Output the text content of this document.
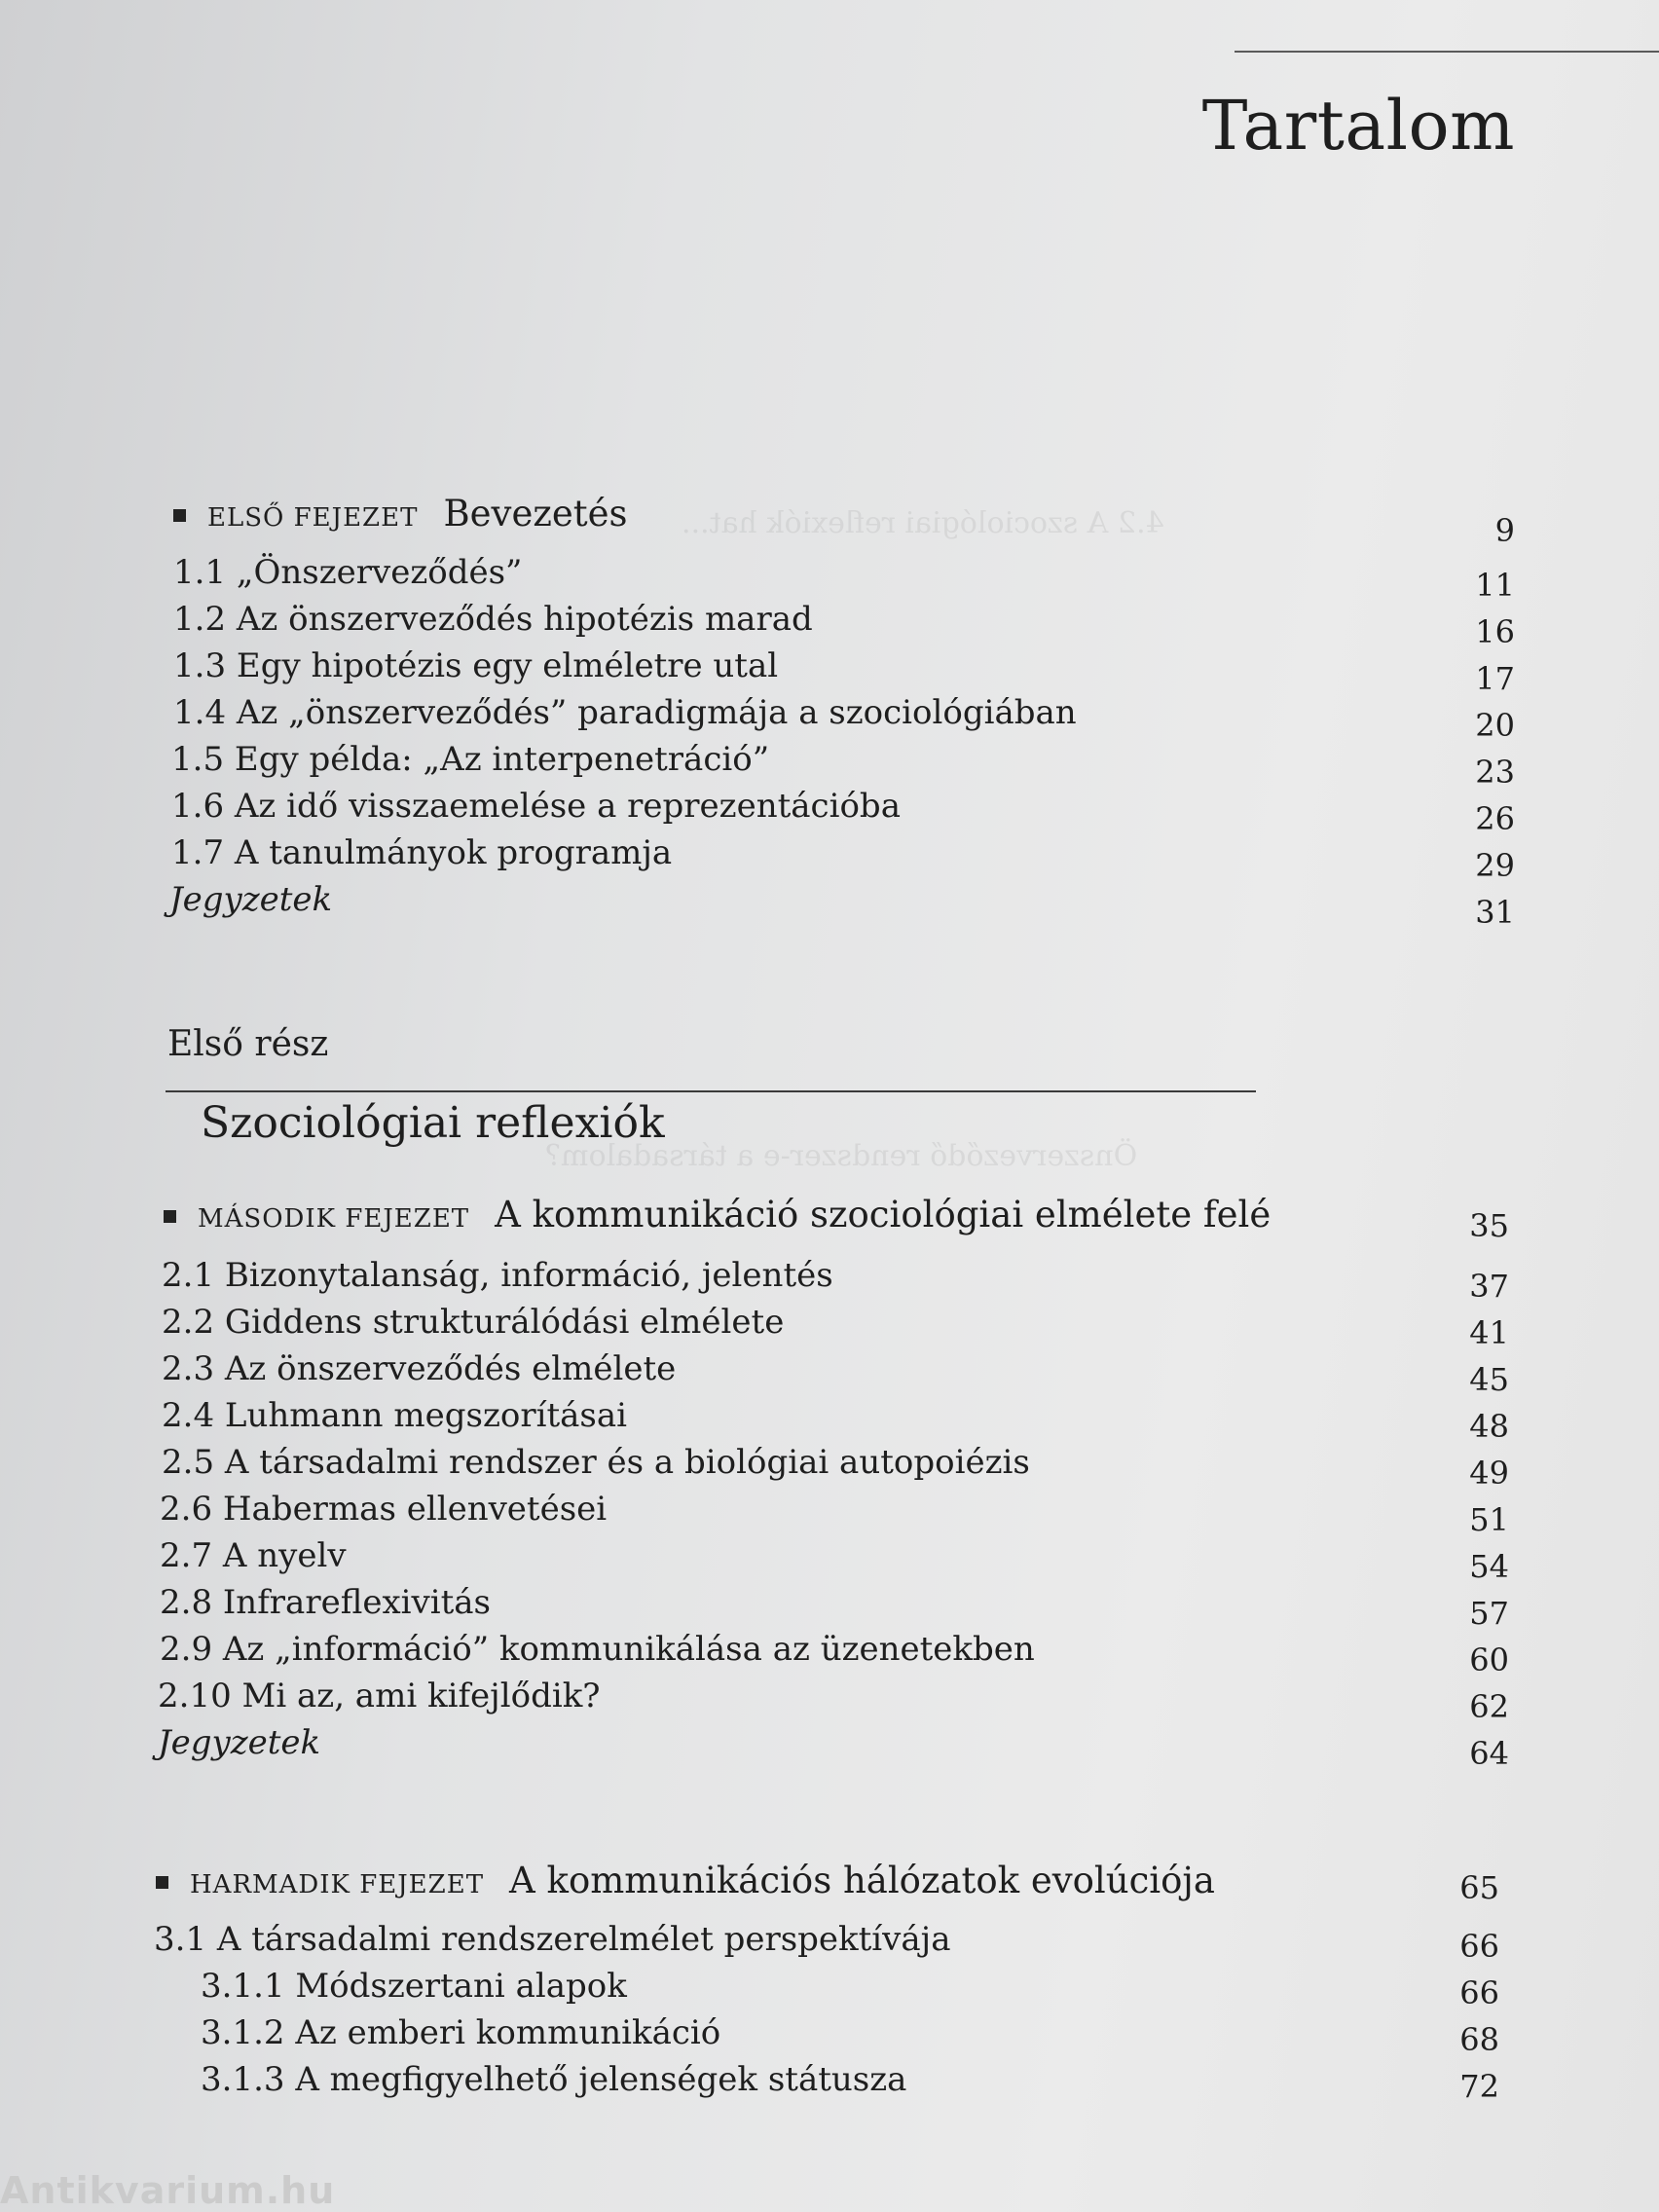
4.2 A szociológiai reflexiók hat...
Önszerveződő rendszer-e a társadalom?
Tartalom
ELSŐ FEJEZET Bevezetés	9
1.1 „Önszerveződés”	11
1.2 Az önszerveződés hipotézis marad	16
1.3 Egy hipotézis egy elméletre utal	17
1.4 Az „önszerveződés” paradigmája a szociológiában	20
1.5 Egy példa: „Az interpenetráció”	23
1.6 Az idő visszaemelése a reprezentációba	26
1.7 A tanulmányok programja	29
Jegyzetek	31
Első rész
Szociológiai reflexiók
MÁSODIK FEJEZET A kommunikáció szociológiai elmélete felé	35
2.1 Bizonytalanság, információ, jelentés	37
2.2 Giddens strukturálódási elmélete	41
2.3 Az önszerveződés elmélete	45
2.4 Luhmann megszorításai	48
2.5 A társadalmi rendszer és a biológiai autopoiézis	49
2.6 Habermas ellenvetései	51
2.7 A nyelv	54
2.8 Infrareflexivitás	57
2.9 Az „információ” kommunikálása az üzenetekben	60
2.10 Mi az, ami kifejlődik?	62
Jegyzetek	64
HARMADIK FEJEZET A kommunikációs hálózatok evolúciója	65
3.1 A társadalmi rendszerelmélet perspektívája	66
3.1.1 Módszertani alapok	66
3.1.2 Az emberi kommunikáció	68
3.1.3 A megfigyelhető jelenségek státusza	72
Antikvarium.hu
